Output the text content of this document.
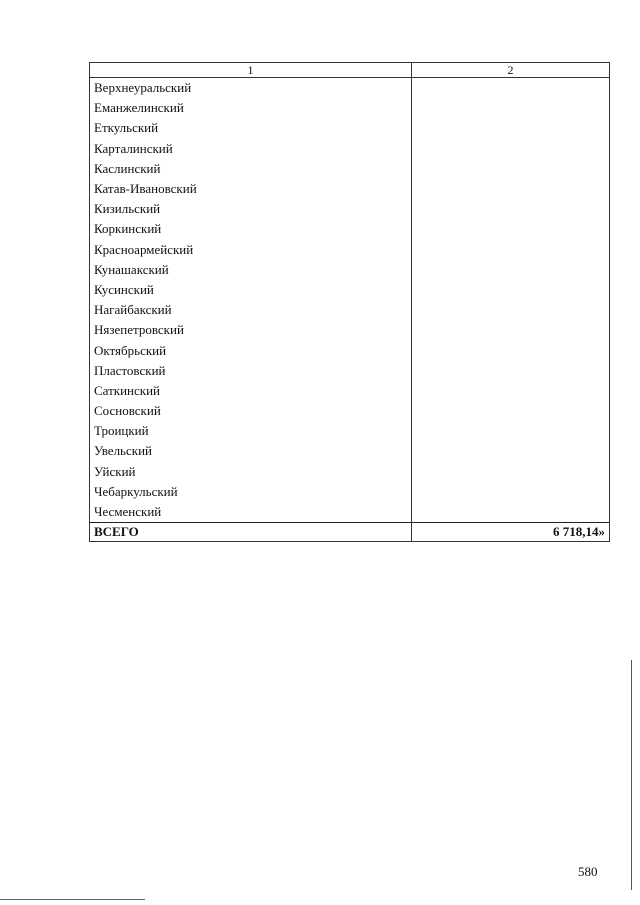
1	2
Верхнеуральский	
Еманжелинский	
Еткульский	
Карталинский	
Каслинский	
Катав-Ивановский	
Кизильский	
Коркинский	
Красноармейский	
Кунашакский	
Кусинский	
Нагайбакский	
Нязепетровский	
Октябрьский	
Пластовский	
Саткинский	
Сосновский	
Троицкий	
Увельский	
Уйский	
Чебаркульский	
Чесменский	
ВСЕГО	6 718,14»
580
